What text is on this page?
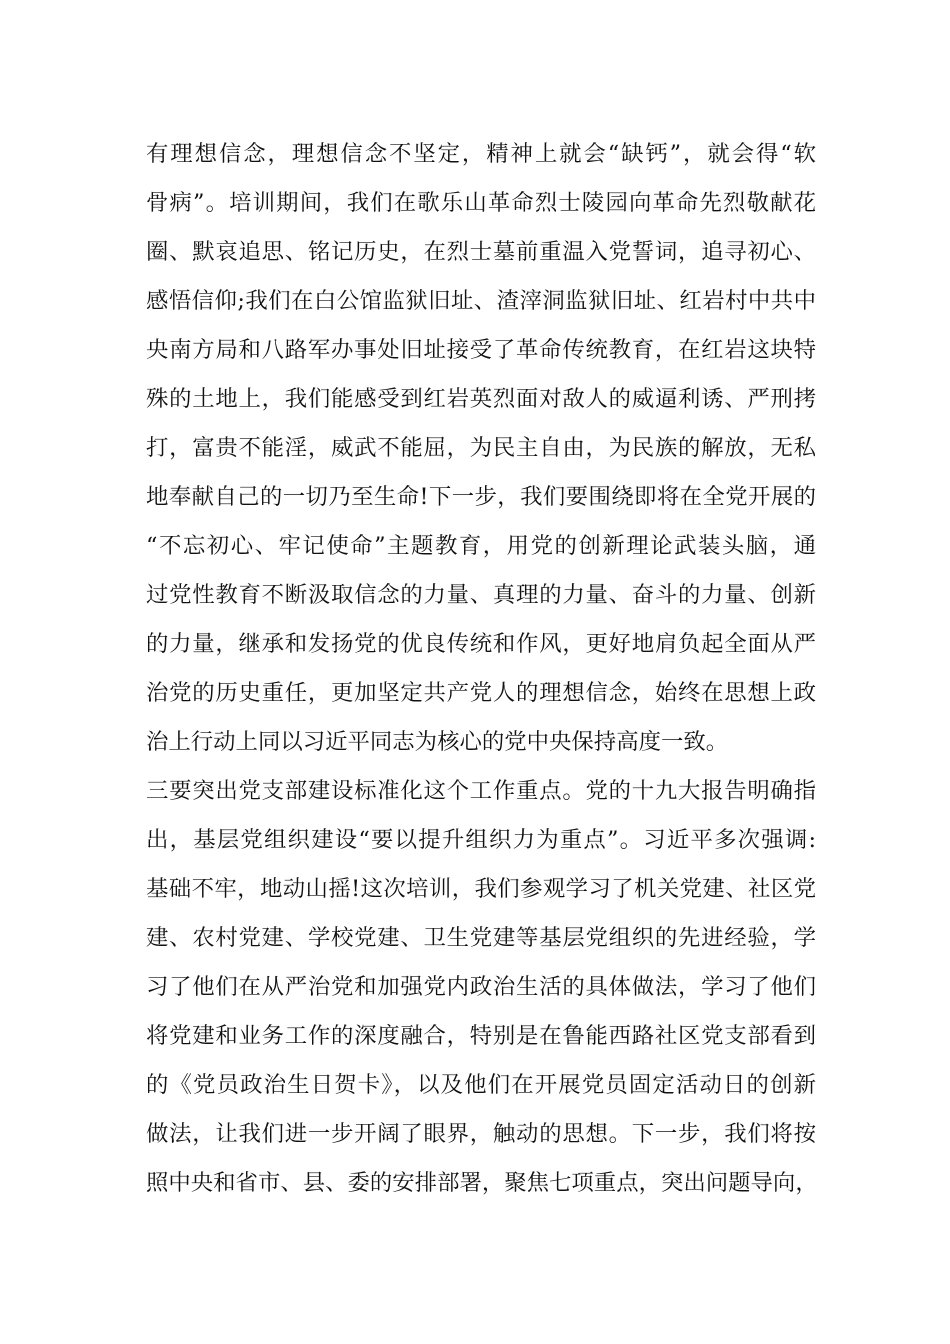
有理想信念，理想信念不坚定，精神上就会“缺钙”，就会得“软
骨病”。培训期间，我们在歌乐山革命烈士陵园向革命先烈敬献花
圈、默哀追思、铭记历史，在烈士墓前重温入党誓词，追寻初心、
感悟信仰;我们在白公馆监狱旧址、渣滓洞监狱旧址、红岩村中共中
央南方局和八路军办事处旧址接受了革命传统教育，在红岩这块特
殊的土地上，我们能感受到红岩英烈面对敌人的威逼利诱、严刑拷
打，富贵不能淫，威武不能屈，为民主自由，为民族的解放，无私
地奉献自己的一切乃至生命!下一步，我们要围绕即将在全党开展的
“不忘初心、牢记使命”主题教育，用党的创新理论武装头脑，通
过党性教育不断汲取信念的力量、真理的力量、奋斗的力量、创新
的力量，继承和发扬党的优良传统和作风，更好地肩负起全面从严
治党的历史重任，更加坚定共产党人的理想信念，始终在思想上政
治上行动上同以习近平同志为核心的党中央保持高度一致。
三要突出党支部建设标准化这个工作重点。党的十九大报告明确指
出，基层党组织建设“要以提升组织力为重点”。习近平多次强调:
基础不牢，地动山摇!这次培训，我们参观学习了机关党建、社区党
建、农村党建、学校党建、卫生党建等基层党组织的先进经验，学
习了他们在从严治党和加强党内政治生活的具体做法，学习了他们
将党建和业务工作的深度融合，特别是在鲁能西路社区党支部看到
的《党员政治生日贺卡》，以及他们在开展党员固定活动日的创新
做法，让我们进一步开阔了眼界，触动的思想。下一步，我们将按
照中央和省市、县、委的安排部署，聚焦七项重点，突出问题导向，
